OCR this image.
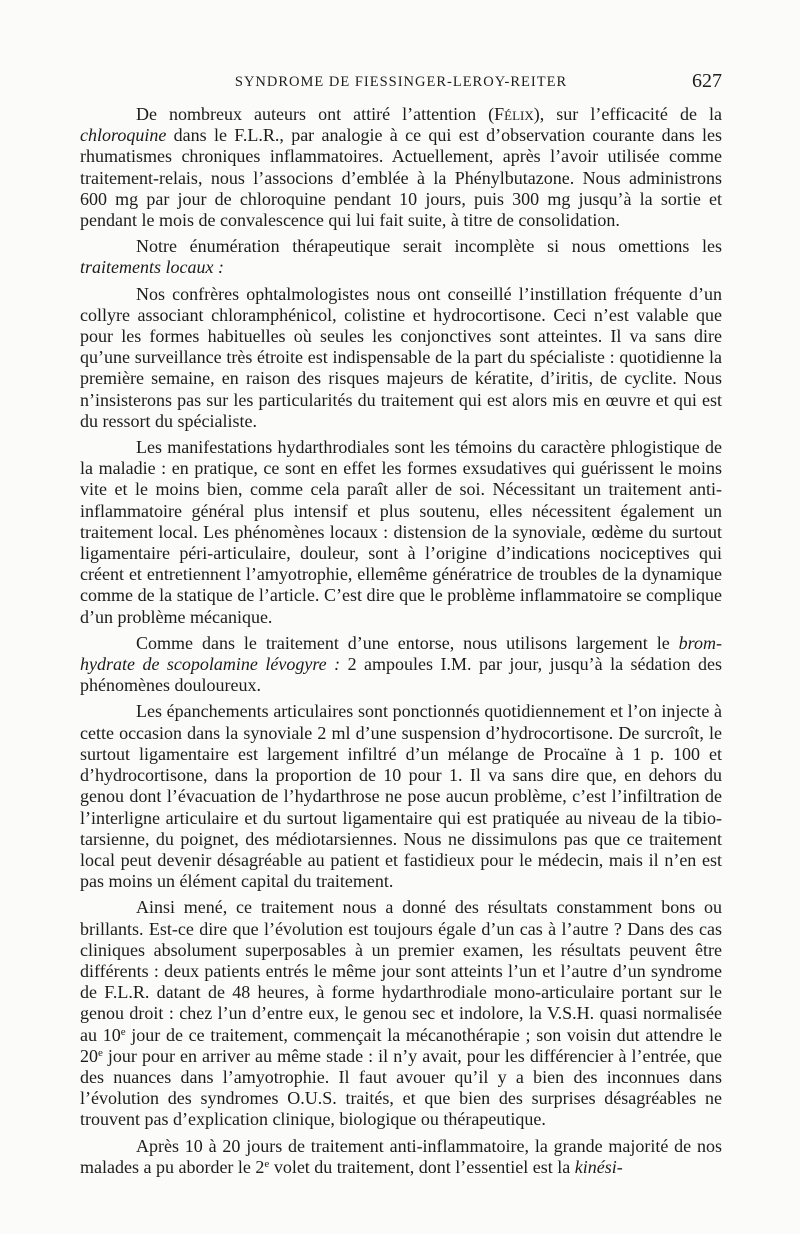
SYNDROME DE FIESSINGER-LEROY-REITER	627

De nombreux auteurs ont attiré l’attention (Félix), sur l’efficacité de la chloroquine dans le F.L.R., par analogie à ce qui est d’observation courante dans les rhumatismes chroniques inflammatoires. Actuellement, après l’avoir utilisée comme traitement-relais, nous l’associons d’emblée à la Phénylbutazone. Nous administrons 600 mg par jour de chloroquine pendant 10 jours, puis 300 mg jusqu’à la sortie et pendant le mois de convalescence qui lui fait suite, à titre de consolidation.

Notre énumération thérapeutique serait incomplète si nous omettions les traitements locaux :

Nos confrères ophtalmologistes nous ont conseillé l’instillation fréquente d’un collyre associant chloramphénicol, colistine et hydrocortisone. Ceci n’est valable que pour les formes habituelles où seules les conjonctives sont atteintes. Il va sans dire qu’une surveillance très étroite est indispensable de la part du spécialiste : quotidienne la première semaine, en raison des risques majeurs de kératite, d’iritis, de cyclite. Nous n’insisterons pas sur les particularités du traitement qui est alors mis en œuvre et qui est du ressort du spécialiste.

Les manifestations hydarthrodiales sont les témoins du caractère phlogistique de la maladie : en pratique, ce sont en effet les formes exsudatives qui guérissent le moins vite et le moins bien, comme cela paraît aller de soi. Nécessitant un traitement anti-inflammatoire général plus intensif et plus soutenu, elles nécessitent également un traitement local. Les phénomènes locaux : distension de la synoviale, œdème du surtout ligamentaire péri-articulaire, douleur, sont à l’origine d’indications nociceptives qui créent et entretiennent l’amyotrophie, ellemême génératrice de troubles de la dynamique comme de la statique de l’article. C’est dire que le problème inflammatoire se complique d’un problème mécanique.

Comme dans le traitement d’une entorse, nous utilisons largement le bromhydrate de scopolamine lévogyre : 2 ampoules I.M. par jour, jusqu’à la sédation des phénomènes douloureux.

Les épanchements articulaires sont ponctionnés quotidiennement et l’on injecte à cette occasion dans la synoviale 2 ml d’une suspension d’hydrocortisone. De surcroît, le surtout ligamentaire est largement infiltré d’un mélange de Procaïne à 1 p. 100 et d’hydrocortisone, dans la proportion de 10 pour 1. Il va sans dire que, en dehors du genou dont l’évacuation de l’hydarthrose ne pose aucun problème, c’est l’infiltration de l’interligne articulaire et du surtout ligamentaire qui est pratiquée au niveau de la tibio-tarsienne, du poignet, des médiotarsiennes. Nous ne dissimulons pas que ce traitement local peut devenir désagréable au patient et fastidieux pour le médecin, mais il n’en est pas moins un élément capital du traitement.

Ainsi mené, ce traitement nous a donné des résultats constamment bons ou brillants. Est-ce dire que l’évolution est toujours égale d’un cas à l’autre ? Dans des cas cliniques absolument superposables à un premier examen, les résultats peuvent être différents : deux patients entrés le même jour sont atteints l’un et l’autre d’un syndrome de F.L.R. datant de 48 heures, à forme hydarthrodiale mono-articulaire portant sur le genou droit : chez l’un d’entre eux, le genou sec et indolore, la V.S.H. quasi normalisée au 10e jour de ce traitement, commençait la mécanothérapie ; son voisin dut attendre le 20e jour pour en arriver au même stade : il n’y avait, pour les différencier à l’entrée, que des nuances dans l’amyotrophie. Il faut avouer qu’il y a bien des inconnues dans l’évolution des syndromes O.U.S. traités, et que bien des surprises désagréables ne trouvent pas d’explication clinique, biologique ou thérapeutique.

Après 10 à 20 jours de traitement anti-inflammatoire, la grande majorité de nos malades a pu aborder le 2e volet du traitement, dont l’essentiel est la kinési-
